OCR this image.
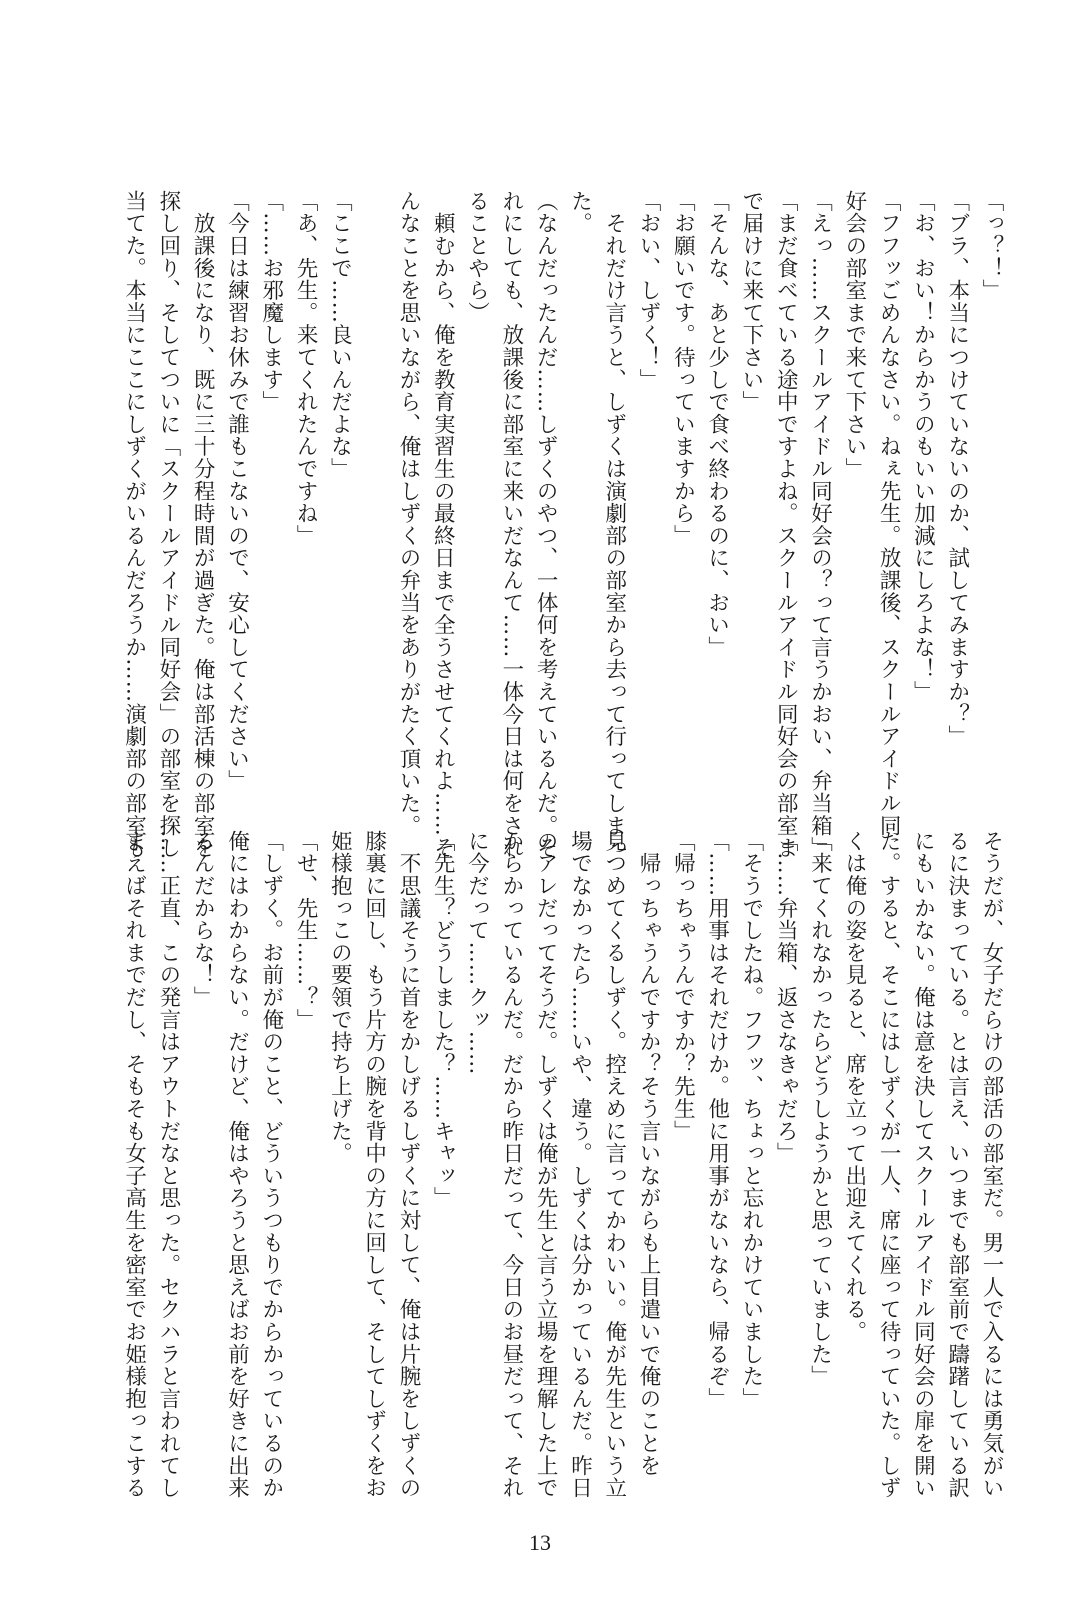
「っ？！」
「ブラ、本当につけていないのか、試してみますか？」
「お、おい！からかうのもいい加減にしろよな！」
「フフッごめんなさい。ねぇ先生。放課後、スクールアイドル同
好会の部室まで来て下さい」
「えっ……スクールアイドル同好会の？って言うかおい、弁当箱」
「まだ食べている途中ですよね。スクールアイドル同好会の部室ま
で届けに来て下さい」
「そんな、あと少しで食べ終わるのに、おい」
「お願いです。待っていますから」
「おい、しずく！」
　それだけ言うと、しずくは演劇部の部室から去って行ってしまっ
た。
（なんだったんだ……しずくのやつ、一体何を考えているんだ。そ
れにしても、放課後に部室に来いだなんて……一体今日は何をされ
ることやら）
　頼むから、俺を教育実習生の最終日まで全うさせてくれよ……そ
んなことを思いながら、俺はしずくの弁当をありがたく頂いた。

「ここで……良いんだよな」
「あ、先生。来てくれたんですね」
「……お邪魔します」
「今日は練習お休みで誰もこないので、安心してください」
　放課後になり、既に三十分程時間が過ぎた。俺は部活棟の部室を
探し回り、そしてついに「スクールアイドル同好会」の部室を探し
当てた。本当にここにしずくがいるんだろうか……演劇部の部室も
そうだが、女子だらけの部活の部室だ。男一人で入るには勇気がい
るに決まっている。とは言え、いつまでも部室前で躊躇している訳
にもいかない。俺は意を決してスクールアイドル同好会の扉を開い
た。すると、そこにはしずくが一人、席に座って待っていた。しず
くは俺の姿を見ると、席を立って出迎えてくれる。
「来てくれなかったらどうしようかと思っていました」
「……弁当箱、返さなきゃだろ」
「そうでしたね。フフッ、ちょっと忘れかけていました」
「……用事はそれだけか。他に用事がないなら、帰るぞ」
「帰っちゃうんですか？先生」
　帰っちゃうんですか？そう言いながらも上目遣いで俺のことを
見つめてくるしずく。控えめに言ってかわいい。俺が先生という立
場でなかったら……いや、違う。しずくは分かっているんだ。昨日
のアレだってそうだ。しずくは俺が先生と言う立場を理解した上で
からかっているんだ。だから昨日だって、今日のお昼だって、それ
に今だって……クッ……
「先生？どうしました？……キャッ」
　不思議そうに首をかしげるしずくに対して、俺は片腕をしずくの
膝裏に回し、もう片方の腕を背中の方に回して、そしてしずくをお
姫様抱っこの要領で持ち上げた。
「せ、先生……？」
「しずく。お前が俺のこと、どういうつもりでからかっているのか
俺にはわからない。だけど、俺はやろうと思えばお前を好きに出来
るんだからな！」
……正直、この発言はアウトだなと思った。セクハラと言われてし
まえばそれまでだし、そもそも女子高生を密室でお姫様抱っこする
13
